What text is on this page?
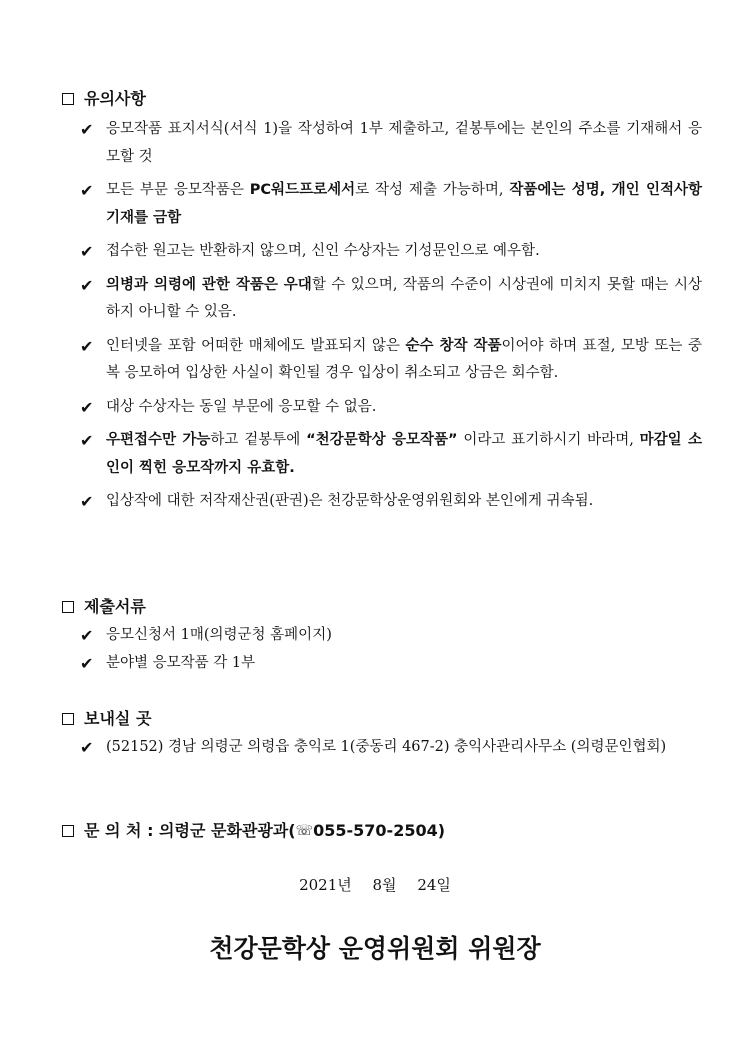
유의사항
✔ 응모작품 표지서식(서식 1)을 작성하여 1부 제출하고, 겉봉투에는 본인의 주소를 기재해서 응모할 것
✔ 모든 부문 응모작품은 PC워드프로세서로 작성 제출 가능하며, 작품에는 성명, 개인 인적사항 기재를 금함
✔ 접수한 원고는 반환하지 않으며, 신인 수상자는 기성문인으로 예우함.
✔ 의병과 의령에 관한 작품은 우대할 수 있으며, 작품의 수준이 시상권에 미치지 못할 때는 시상하지 아니할 수 있음.
✔ 인터넷을 포함 어떠한 매체에도 발표되지 않은 순수 창작 작품이어야 하며 표절, 모방 또는 중복 응모하여 입상한 사실이 확인될 경우 입상이 취소되고 상금은 회수함.
✔ 대상 수상자는 동일 부문에 응모할 수 없음.
✔ 우편접수만 가능하고 겉봉투에 “천강문학상 응모작품” 이라고 표기하시기 바라며, 마감일 소인이 찍힌 응모작까지 유효함.
✔ 입상작에 대한 저작재산권(판권)은 천강문학상운영위원회와 본인에게 귀속됨.
제출서류
✔ 응모신청서 1매(의령군청 홈페이지)
✔ 분야별 응모작품 각 1부
보내실 곳
✔ (52152) 경남 의령군 의령읍 충익로 1(중동리 467-2) 충익사관리사무소 (의령문인협회)
문 의 처 : 의령군 문화관광과( ☏ 055-570-2504)
2021년 8월 24일
천강문학상 운영위원회 위원장
